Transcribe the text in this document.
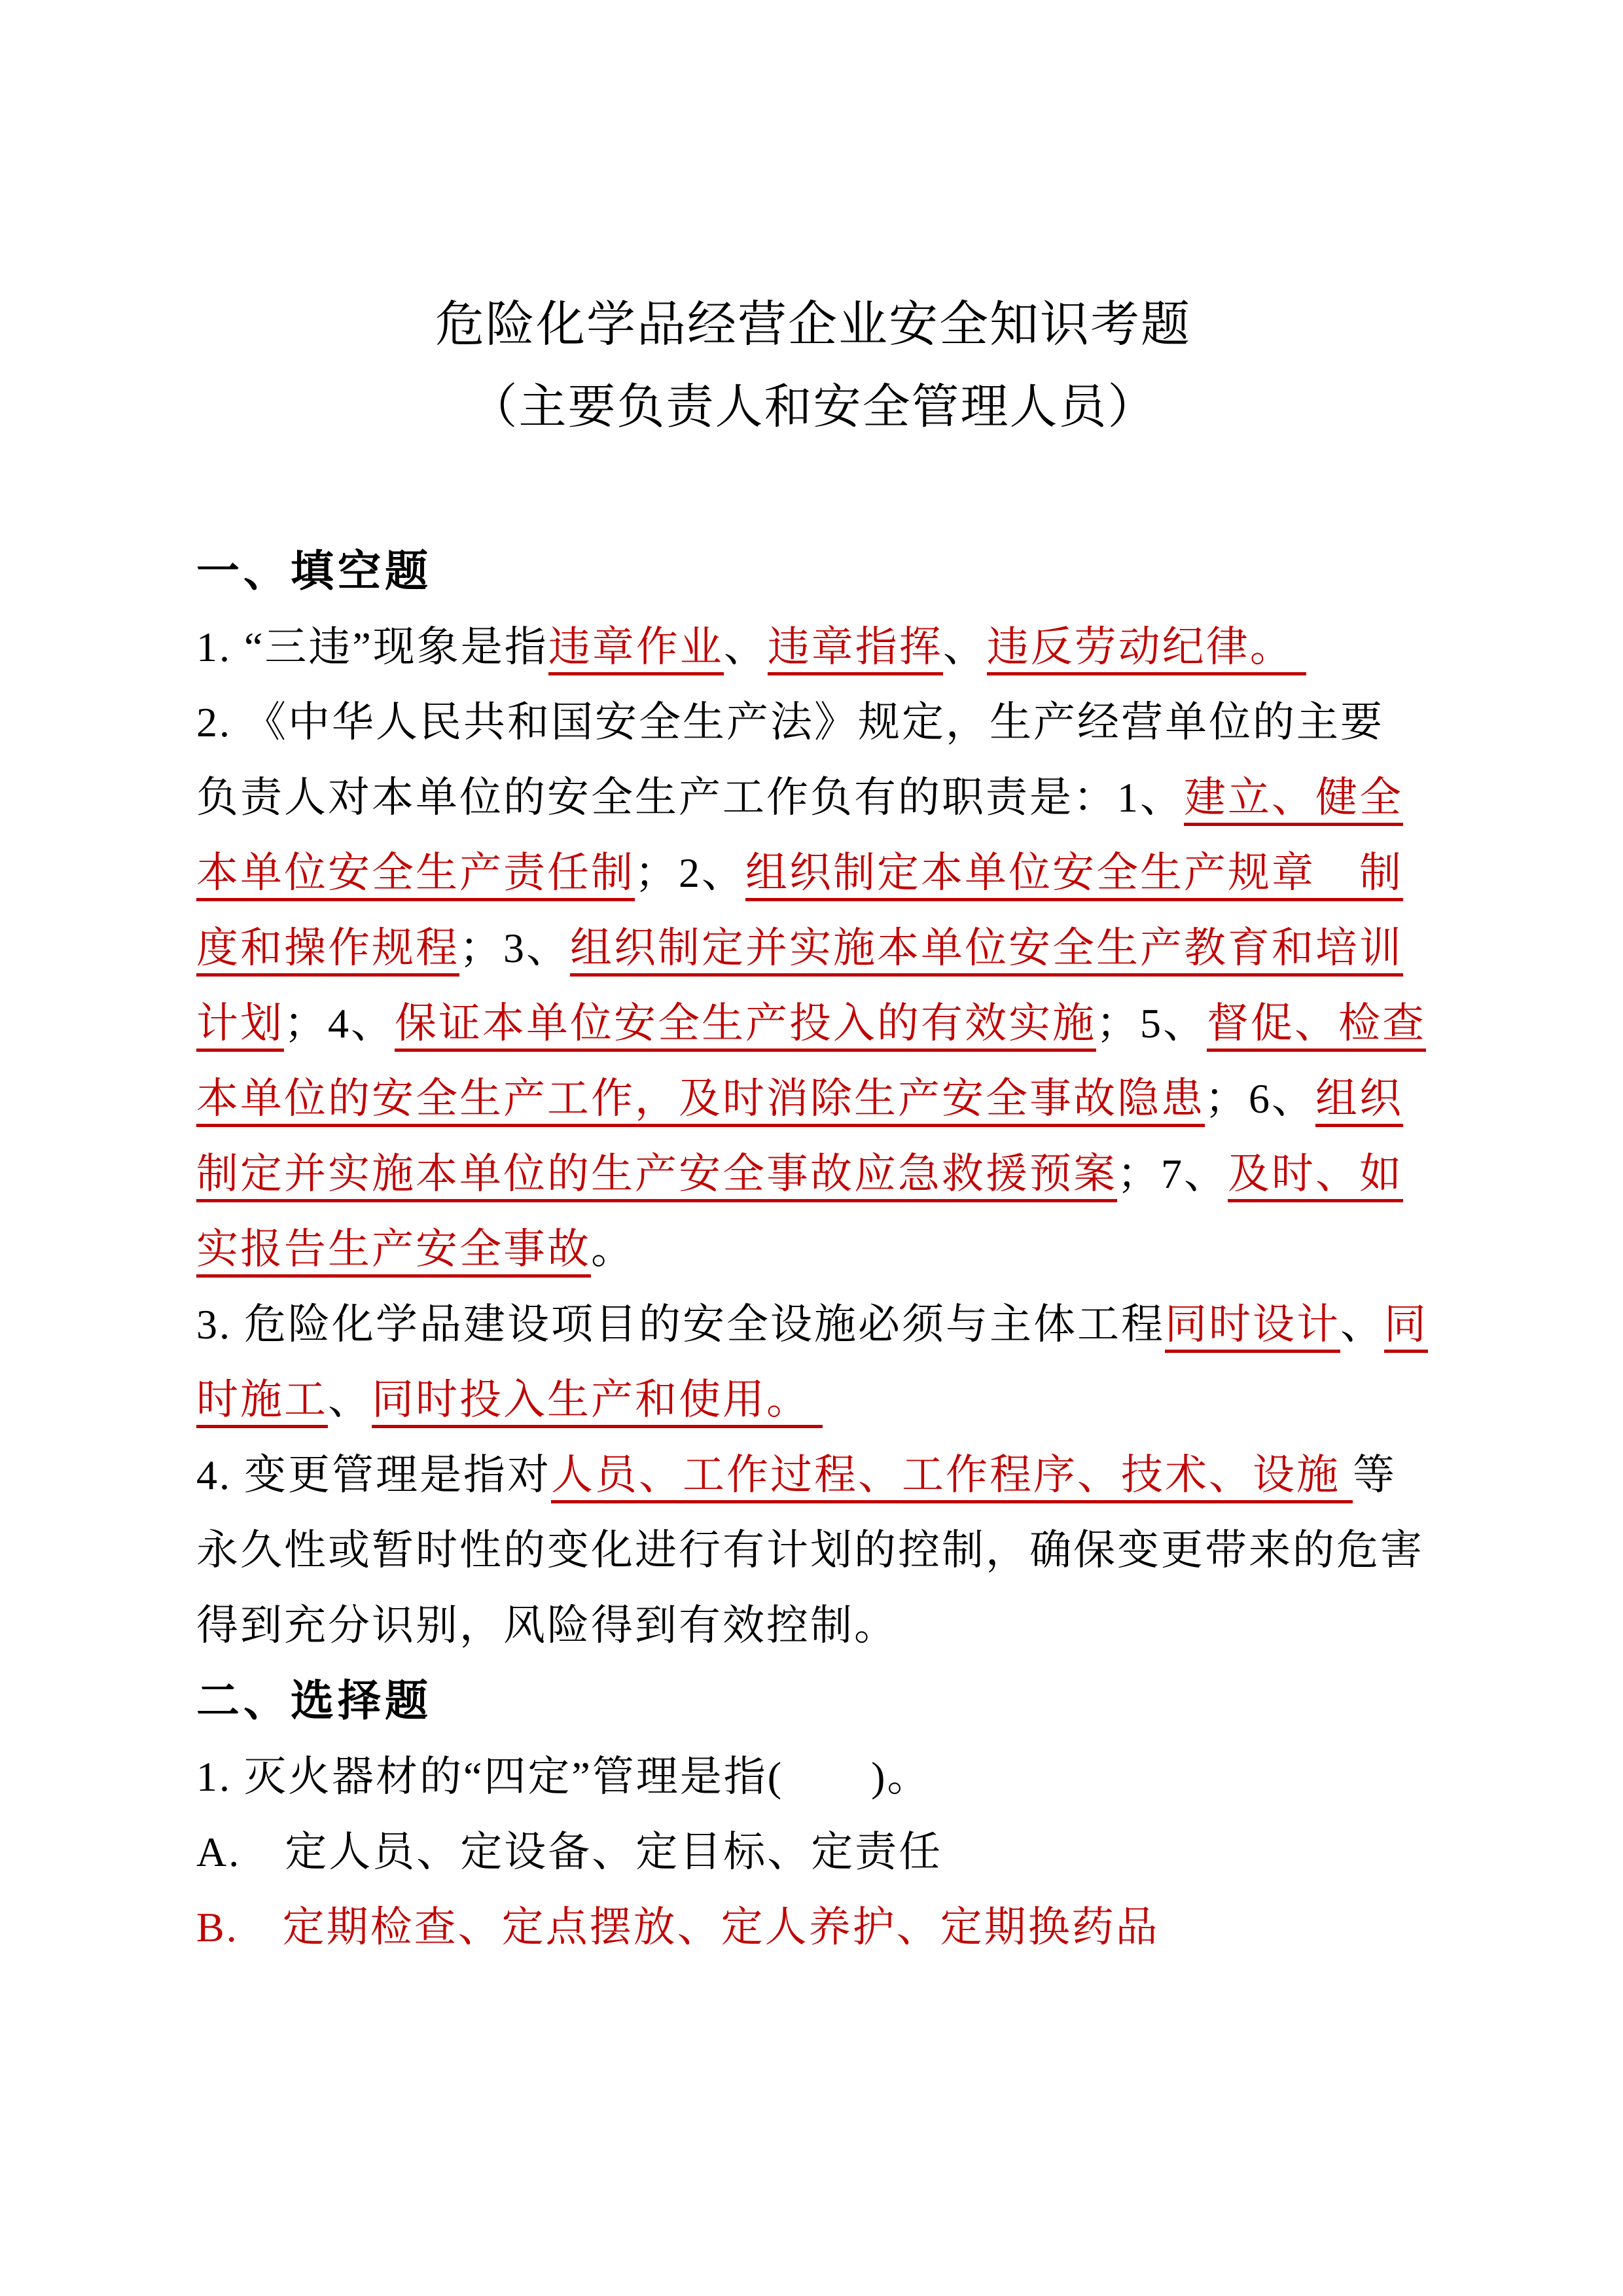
危险化学品经营企业安全知识考题
（主要负责人和安全管理人员）
一、填空题
1. “三违”现象是指违章作业、违章指挥、违反劳动纪律。
2. 《中华人民共和国安全生产法》规定，生产经营单位的主要
负责人对本单位的安全生产工作负有的职责是：1、建立、健全
本单位安全生产责任制；2、组织制定本单位安全生产规章　制
度和操作规程；3、组织制定并实施本单位安全生产教育和培训
计划；4、保证本单位安全生产投入的有效实施；5、督促、检查
本单位的安全生产工作，及时消除生产安全事故隐患；6、组织
制定并实施本单位的生产安全事故应急救援预案；7、及时、如
实报告生产安全事故。
3. 危险化学品建设项目的安全设施必须与主体工程同时设计、同
时施工、同时投入生产和使用。
4. 变更管理是指对人员、工作过程、工作程序、技术、设施 等
永久性或暂时性的变化进行有计划的控制，确保变更带来的危害
得到充分识别，风险得到有效控制。
二、选择题
1. 灭火器材的“四定”管理是指(　　)。
A.　定人员、定设备、定目标、定责任
B.　定期检查、定点摆放、定人养护、定期换药品
